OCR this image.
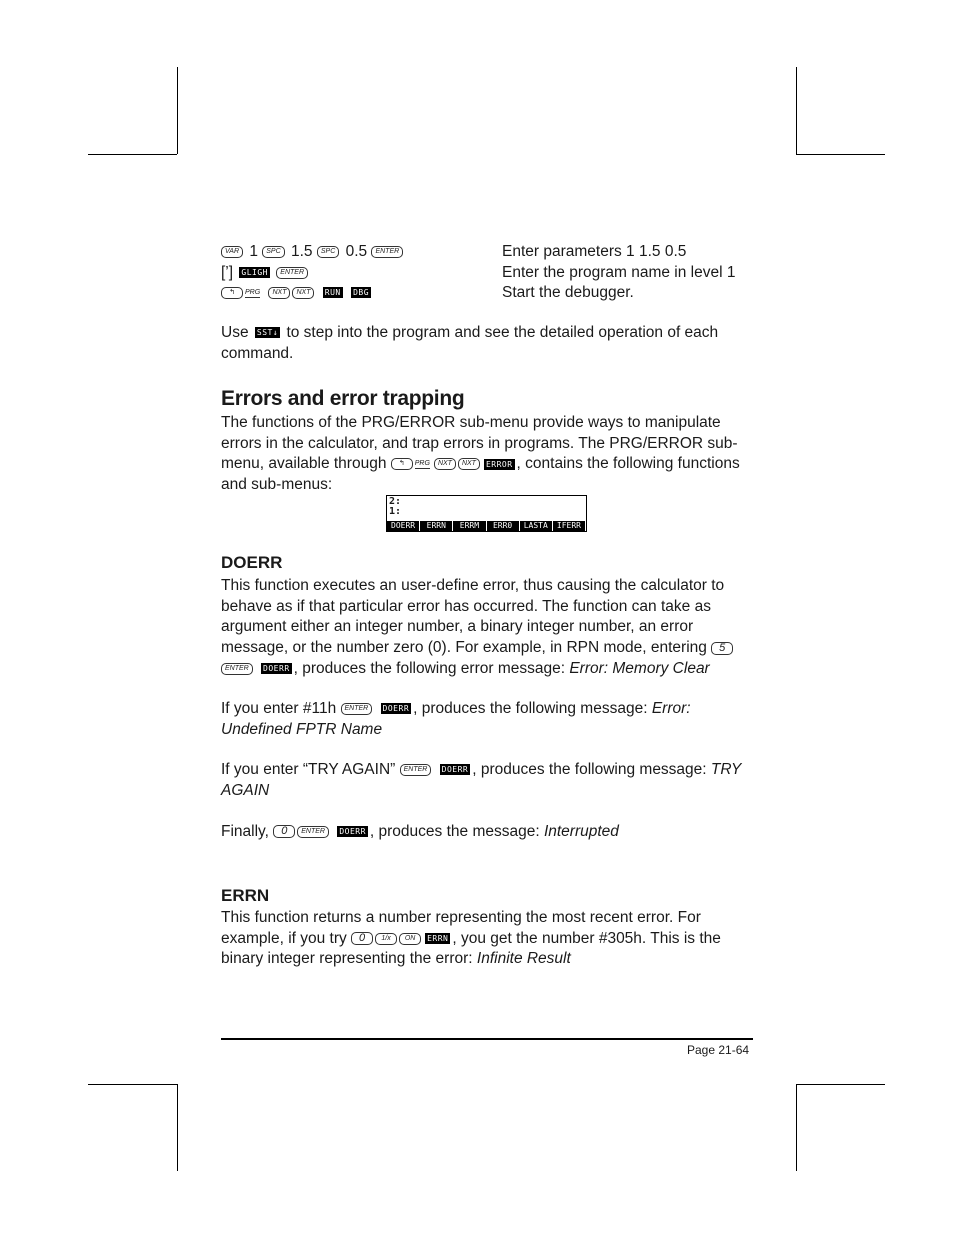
VAR 1 SPC 1.5 SPC 0.5 ENTER	Enter parameters 1 1.5 0.5
[’] GLIGH ENTER	Enter the program name in level 1
↰ PRG NXT NXT RUN DBG	Start the debugger.
Use SST↓ to step into the program and see the detailed operation of each command.
Errors and error trapping
The functions of the PRG/ERROR sub-menu provide ways to manipulate errors in the calculator, and trap errors in programs. The PRG/ERROR sub-menu, available through ↰ PRG NXT NXT ERROR , contains the following functions and sub-menus:
2:
1:
DOERR	ERRN	ERRM	ERR0	LASTA	IFERR
DOERR
This function executes an user-define error, thus causing the calculator to behave as if that particular error has occurred. The function can take as argument either an integer number, a binary integer number, an error message, or the number zero (0). For example, in RPN mode, entering 5ENTER DOERR , produces the following error message: Error: Memory Clear
If you enter #11h ENTER DOERR , produces the following message: Error: Undefined FPTR Name
If you enter “TRY AGAIN” ENTER DOERR , produces the following message: TRY AGAIN
Finally, 0 ENTER DOERR , produces the message: Interrupted
ERRN
This function returns a number representing the most recent error. For example, if you try 0 1/x ON ERRN , you get the number #305h. This is the binary integer representing the error: Infinite Result
Page 21-64
